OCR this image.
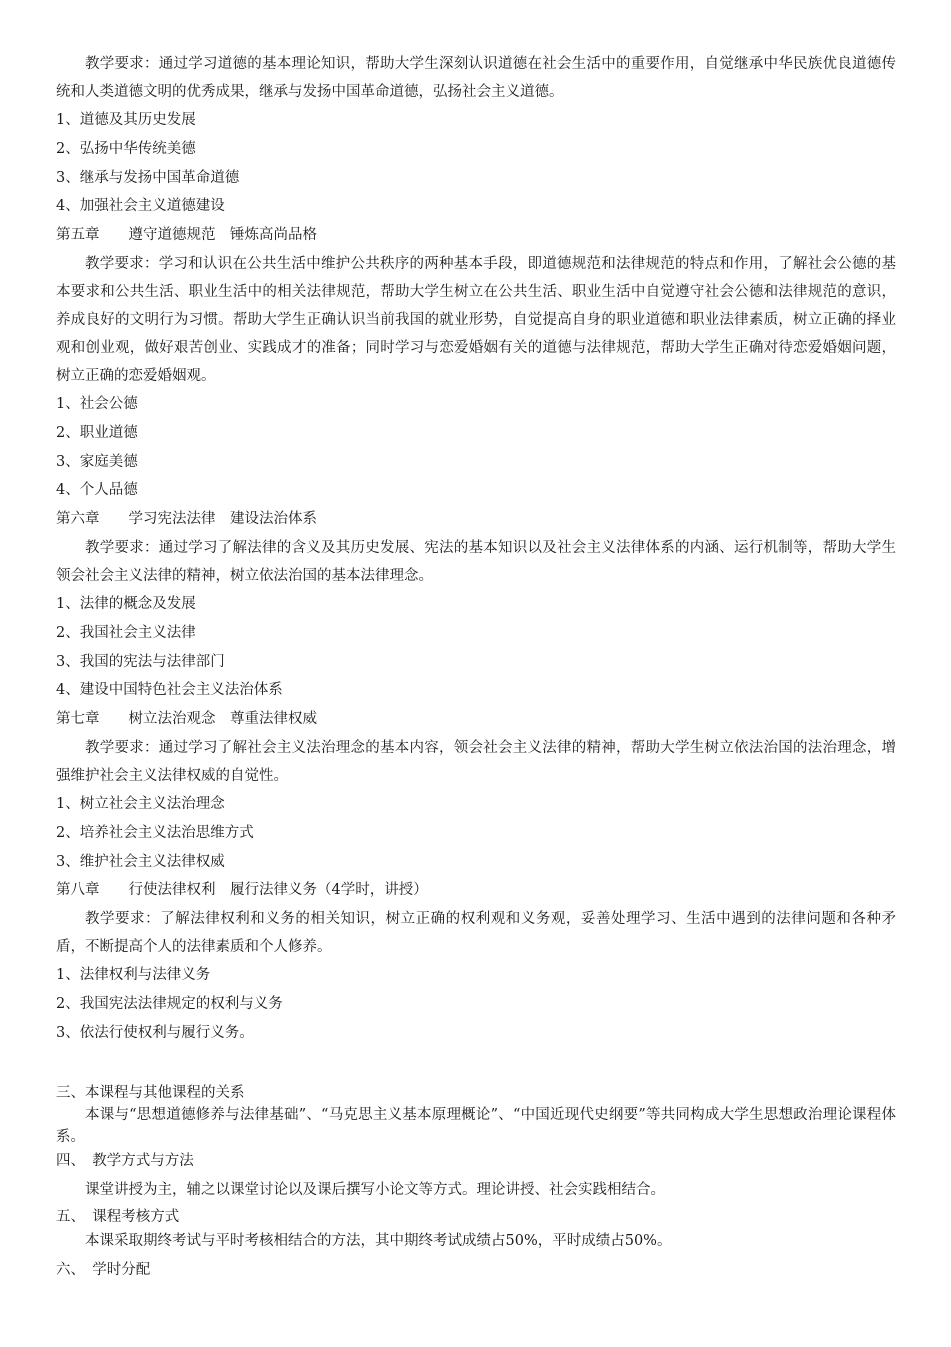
教学要求：通过学习道德的基本理论知识，帮助大学生深刻认识道德在社会生活中的重要作用，自觉继承中华民族优良道德传统和人类道德文明的优秀成果，继承与发扬中国革命道德，弘扬社会主义道德。

1、道德及其历史发展

2、弘扬中华传统美德

3、继承与发扬中国革命道德

4、加强社会主义道德建设

第五章　　遵守道德规范　锤炼高尚品格

教学要求：学习和认识在公共生活中维护公共秩序的两种基本手段，即道德规范和法律规范的特点和作用，了解社会公德的基本要求和公共生活、职业生活中的相关法律规范，帮助大学生树立在公共生活、职业生活中自觉遵守社会公德和法律规范的意识，养成良好的文明行为习惯。帮助大学生正确认识当前我国的就业形势，自觉提高自身的职业道德和职业法律素质，树立正确的择业观和创业观，做好艰苦创业、实践成才的准备；同时学习与恋爱婚姻有关的道德与法律规范，帮助大学生正确对待恋爱婚姻问题，树立正确的恋爱婚姻观。

1、社会公德

2、职业道德

3、家庭美德

4、个人品德

第六章　　学习宪法法律　建设法治体系

教学要求：通过学习了解法律的含义及其历史发展、宪法的基本知识以及社会主义法律体系的内涵、运行机制等，帮助大学生领会社会主义法律的精神，树立依法治国的基本法律理念。

1、法律的概念及发展

2、我国社会主义法律

3、我国的宪法与法律部门

4、建设中国特色社会主义法治体系

第七章　　树立法治观念　尊重法律权威

教学要求：通过学习了解社会主义法治理念的基本内容，领会社会主义法律的精神，帮助大学生树立依法治国的法治理念，增强维护社会主义法律权威的自觉性。

1、树立社会主义法治理念

2、培养社会主义法治思维方式

3、维护社会主义法律权威

第八章　　行使法律权利　履行法律义务（4学时，讲授）

教学要求：了解法律权利和义务的相关知识，树立正确的权利观和义务观，妥善处理学习、生活中遇到的法律问题和各种矛盾，不断提高个人的法律素质和个人修养。

1、法律权利与法律义务

2、我国宪法法律规定的权利与义务

3、依法行使权利与履行义务。

三、本课程与其他课程的关系

本课与“思想道德修养与法律基础”、“马克思主义基本原理概论”、“中国近现代史纲要”等共同构成大学生思想政治理论课程体系。

四、　教学方式与方法

课堂讲授为主，辅之以课堂讨论以及课后撰写小论文等方式。理论讲授、社会实践相结合。

五、　课程考核方式

本课采取期终考试与平时考核相结合的方法，其中期终考试成绩占50%，平时成绩占50%。

六、　学时分配
